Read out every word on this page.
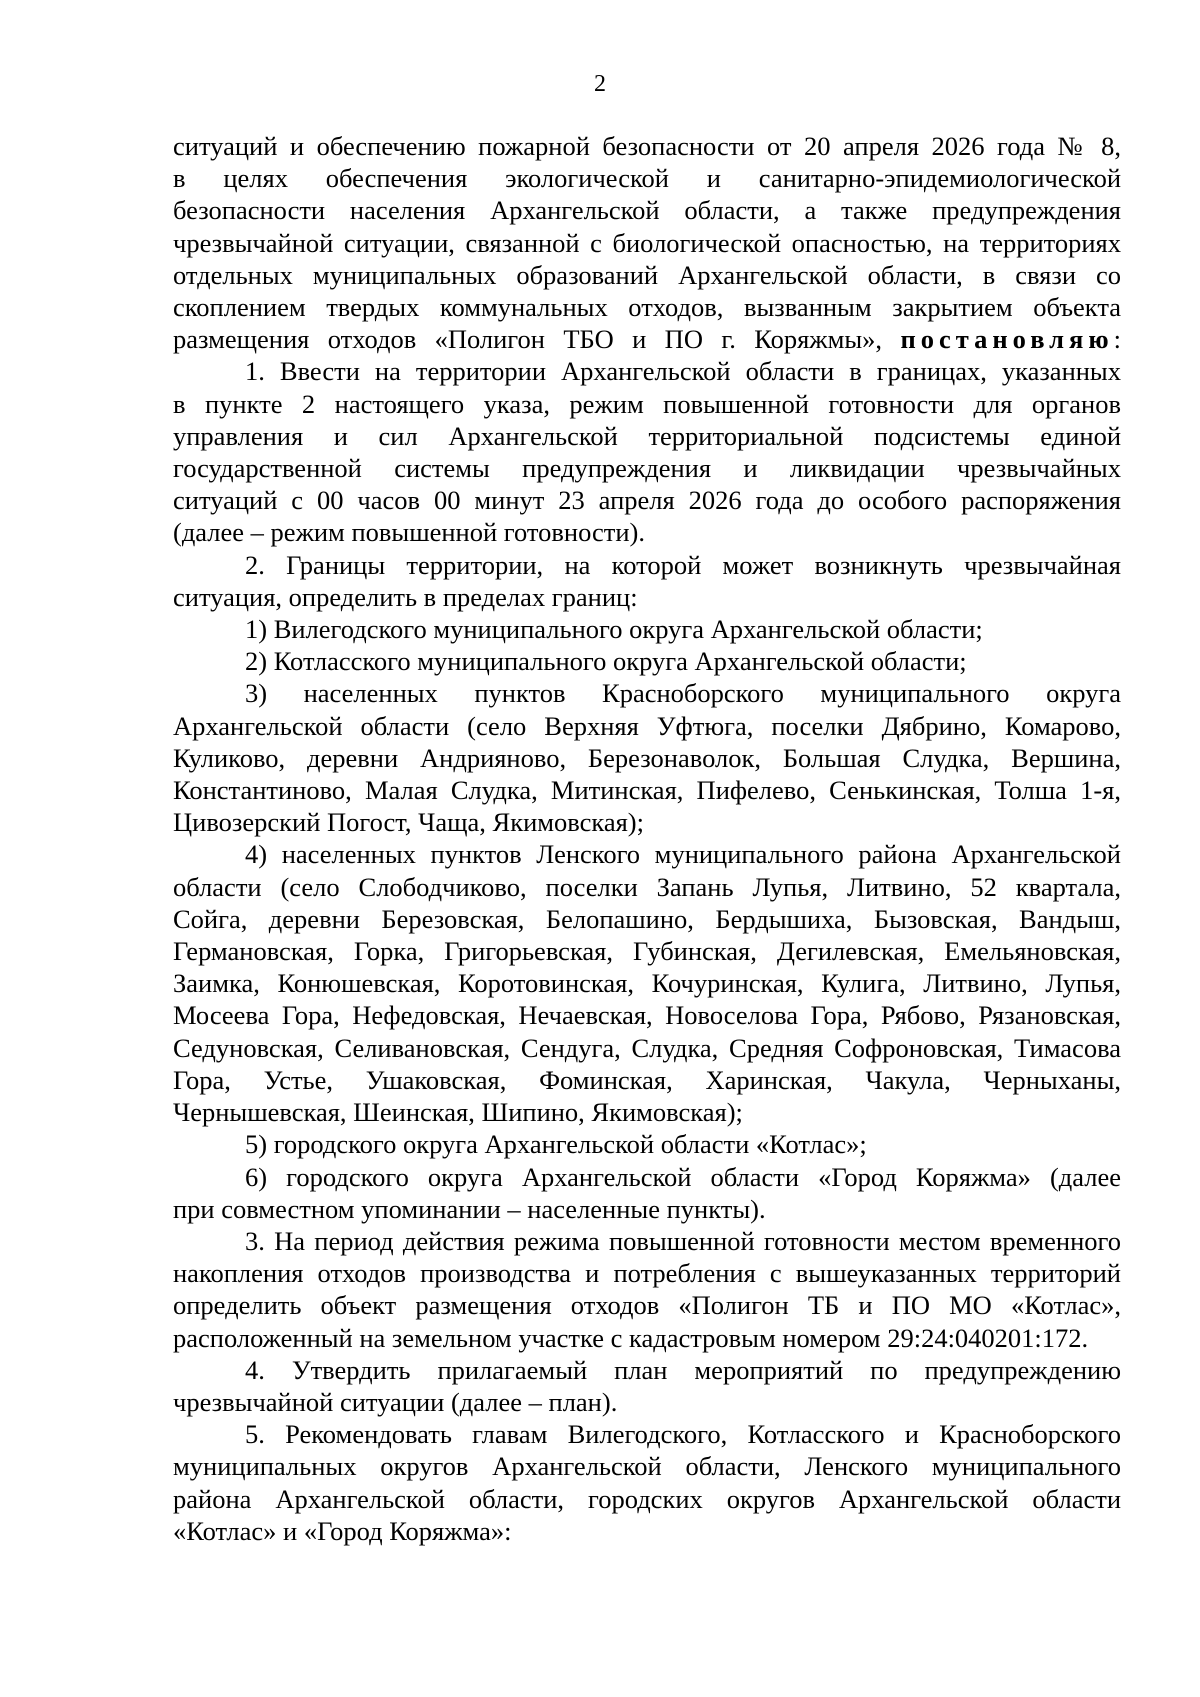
2

ситуаций и обеспечению пожарной безопасности от 20 апреля 2026 года № 8,

в целях обеспечения экологической и санитарно-эпидемиологической

безопасности населения Архангельской области, а также предупреждения

чрезвычайной ситуации, связанной с биологической опасностью, на территориях

отдельных муниципальных образований Архангельской области, в связи со

скоплением твердых коммунальных отходов, вызванным закрытием объекта

размещения отходов «Полигон ТБО и ПО г. Коряжмы», постановляю:

1. Ввести на территории Архангельской области в границах, указанных

в пункте 2 настоящего указа, режим повышенной готовности для органов

управления и сил Архангельской территориальной подсистемы единой

государственной системы предупреждения и ликвидации чрезвычайных

ситуаций с 00 часов 00 минут 23 апреля 2026 года до особого распоряжения

(далее – режим повышенной готовности).

2. Границы территории, на которой может возникнуть чрезвычайная

ситуация, определить в пределах границ:

1) Вилегодского муниципального округа Архангельской области;

2) Котласского муниципального округа Архангельской области;

3) населенных пунктов Красноборского муниципального округа

Архангельской области (село Верхняя Уфтюга, поселки Дябрино, Комарово,

Куликово, деревни Андрияново, Березонаволок, Большая Слудка, Вершина,

Константиново, Малая Слудка, Митинская, Пифелево, Сенькинская, Толша 1-я,

Цивозерский Погост, Чаща, Якимовская);

4) населенных пунктов Ленского муниципального района Архангельской

области (село Слободчиково, поселки Запань Лупья, Литвино, 52 квартала,

Сойга, деревни Березовская, Белопашино, Бердышиха, Бызовская, Вандыш,

Германовская, Горка, Григорьевская, Губинская, Дегилевская, Емельяновская,

Заимка, Конюшевская, Коротовинская, Кочуринская, Кулига, Литвино, Лупья,

Мосеева Гора, Нефедовская, Нечаевская, Новоселова Гора, Рябово, Рязановская,

Седуновская, Селивановская, Сендуга, Слудка, Средняя Софроновская, Тимасова

Гора, Устье, Ушаковская, Фоминская, Харинская, Чакула, Черныханы,

Чернышевская, Шеинская, Шипино, Якимовская);

5) городского округа Архангельской области «Котлас»;

6) городского округа Архангельской области «Город Коряжма» (далее

при совместном упоминании – населенные пункты).

3. На период действия режима повышенной готовности местом временного

накопления отходов производства и потребления с вышеуказанных территорий

определить объект размещения отходов «Полигон ТБ и ПО МО «Котлас»,

расположенный на земельном участке с кадастровым номером 29:24:040201:172.

4. Утвердить прилагаемый план мероприятий по предупреждению

чрезвычайной ситуации (далее – план).

5. Рекомендовать главам Вилегодского, Котласского и Красноборского

муниципальных округов Архангельской области, Ленского муниципального

района Архангельской области, городских округов Архангельской области

«Котлас» и «Город Коряжма»:
